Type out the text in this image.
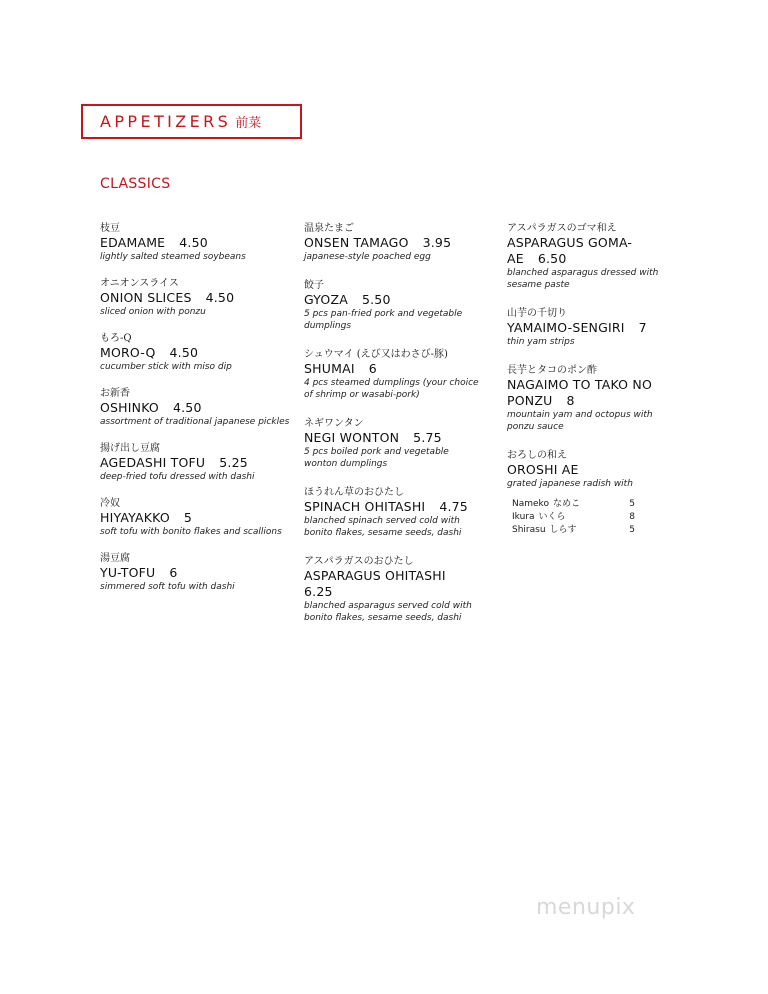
APPETIZERS 前菜
CLASSICS
枝豆
EDAMAME 4.50
lightly salted steamed soybeans
オニオンスライス
ONION SLICES 4.50
sliced onion with ponzu
もろ-Q
MORO-Q 4.50
cucumber stick with miso dip
お新香
OSHINKO 4.50
assortment of traditional japanese pickles
揚げ出し豆腐
AGEDASHI TOFU 5.25
deep-fried tofu dressed with dashi
冷奴
HIYAYAKKO 5
soft tofu with bonito flakes and scallions
湯豆腐
YU-TOFU 6
simmered soft tofu with dashi
温泉たまご
ONSEN TAMAGO 3.95
japanese-style poached egg
餃子
GYOZA 5.50
5 pcs pan-fried pork and vegetable dumplings
シュウマイ (えび又はわさび-豚)
SHUMAI 6
4 pcs steamed dumplings (your choice of shrimp or wasabi-pork)
ネギワンタン
NEGI WONTON 5.75
5 pcs boiled pork and vegetable wonton dumplings
ほうれん草のおひたし
SPINACH OHITASHI 4.75
blanched spinach served cold with bonito flakes, sesame seeds, dashi
アスパラガスのおひたし
ASPARAGUS OHITASHI
6.25
blanched asparagus served cold with bonito flakes, sesame seeds, dashi
アスパラガスのゴマ和え
ASPARAGUS GOMA-AE 6.50
blanched asparagus dressed with sesame paste
山芋の千切り
YAMAIMO-SENGIRI 7
thin yam strips
長芋とタコのポン酢
NAGAIMO TO TAKO NO PONZU 8
mountain yam and octopus with ponzu sauce
おろしの和え
OROSHI AE
grated japanese radish with
Nameko なめこ	5
Ikura いくら	8
Shirasu しらす	5
menupix
